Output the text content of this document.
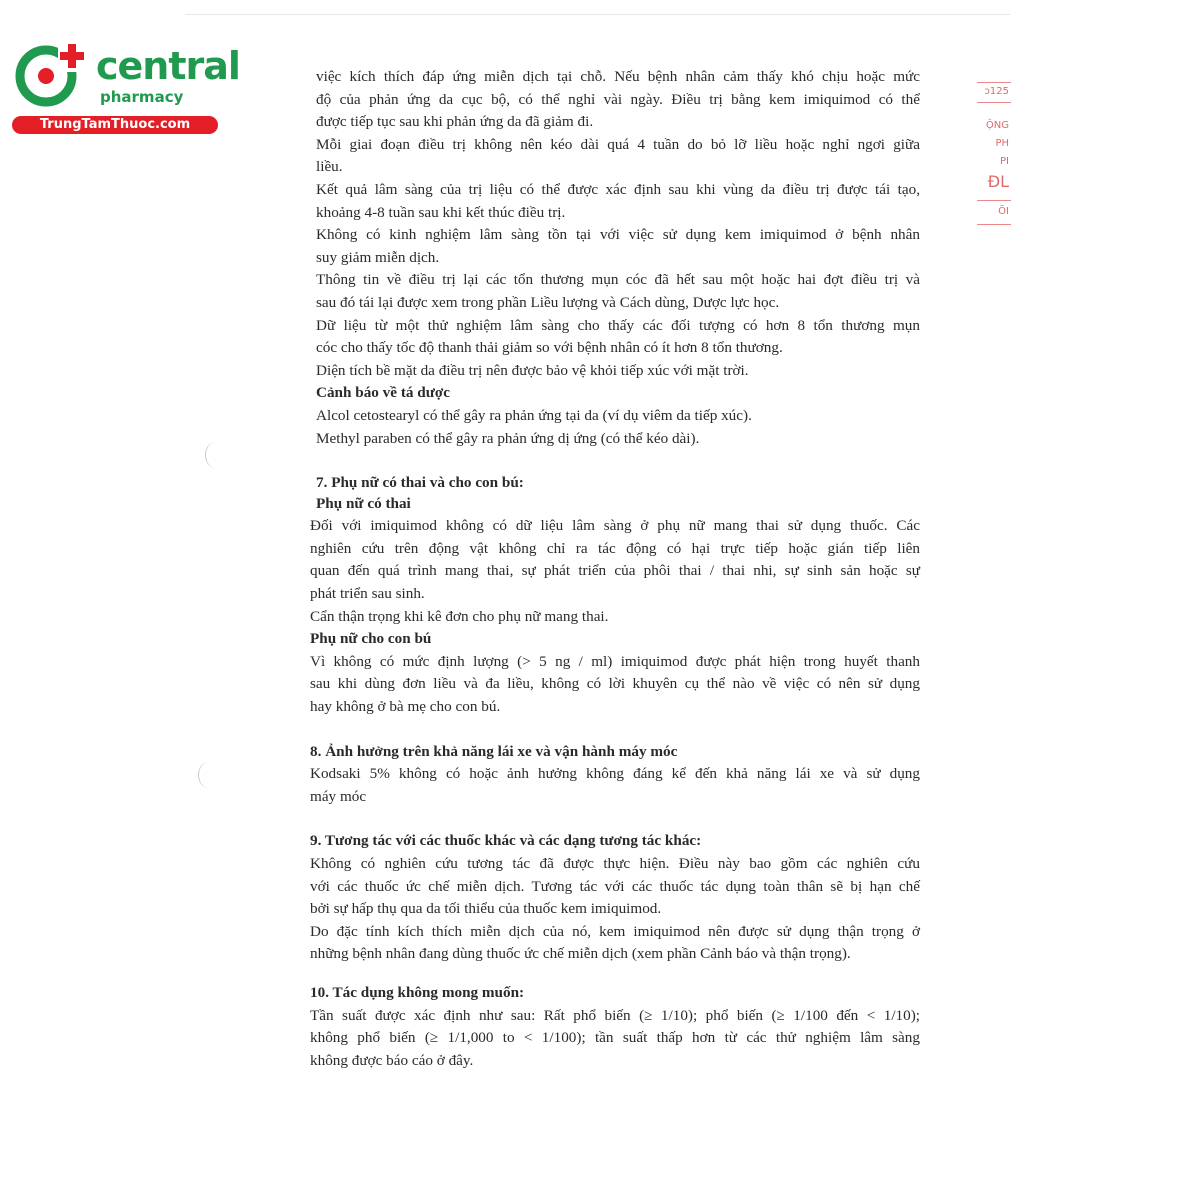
central
pharmacy
TrungTamThuoc.com
ɔ125
ỘNG
PH
PI
ĐL
ÕI

việc kích thích đáp ứng miễn dịch tại chỗ. Nếu bệnh nhân cảm thấy khó chịu hoặc mức

độ của phản ứng da cục bộ, có thể nghỉ vài ngày. Điều trị bằng kem imiquimod có thể

được tiếp tục sau khi phản ứng da đã giảm đi.

Mỗi giai đoạn điều trị không nên kéo dài quá 4 tuần do bỏ lỡ liều hoặc nghỉ ngơi giữa

liều.

Kết quả lâm sàng của trị liệu có thể được xác định sau khi vùng da điều trị được tái tạo,

khoảng 4-8 tuần sau khi kết thúc điều trị.

Không có kinh nghiệm lâm sàng tồn tại với việc sử dụng kem imiquimod ở bệnh nhân

suy giảm miễn dịch.

Thông tin về điều trị lại các tổn thương mụn cóc đã hết sau một hoặc hai đợt điều trị và

sau đó tái lại được xem trong phần Liều lượng và Cách dùng, Dược lực học.

Dữ liệu từ một thử nghiệm lâm sàng cho thấy các đối tượng có hơn 8 tổn thương mụn

cóc cho thấy tốc độ thanh thải giảm so với bệnh nhân có ít hơn 8 tổn thương.

Diện tích bề mặt da điều trị nên được bảo vệ khỏi tiếp xúc với mặt trời.

Cảnh báo về tá dược

Alcol cetostearyl có thể gây ra phản ứng tại da (ví dụ viêm da tiếp xúc).

Methyl paraben có thể gây ra phản ứng dị ứng (có thể kéo dài).

7. Phụ nữ có thai và cho con bú:

Phụ nữ có thai

Đối với imiquimod không có dữ liệu lâm sàng ở phụ nữ mang thai sử dụng thuốc. Các

nghiên cứu trên động vật không chỉ ra tác động có hại trực tiếp hoặc gián tiếp liên

quan đến quá trình mang thai, sự phát triển của phôi thai / thai nhi, sự sinh sản hoặc sự

phát triển sau sinh.

Cẩn thận trọng khi kê đơn cho phụ nữ mang thai.

Phụ nữ cho con bú

Vì không có mức định lượng (> 5 ng / ml) imiquimod được phát hiện trong huyết thanh

sau khi dùng đơn liều và đa liều, không có lời khuyên cụ thể nào về việc có nên sử dụng

hay không ở bà mẹ cho con bú.

8. Ảnh hưởng trên khả năng lái xe và vận hành máy móc

Kodsaki 5% không có hoặc ảnh hưởng không đáng kể đến khả năng lái xe và sử dụng

máy móc

9. Tương tác với các thuốc khác và các dạng tương tác khác:

Không có nghiên cứu tương tác đã được thực hiện. Điều này bao gồm các nghiên cứu

với các thuốc ức chế miễn dịch. Tương tác với các thuốc tác dụng toàn thân sẽ bị hạn chế

bởi sự hấp thụ qua da tối thiểu của thuốc kem imiquimod.

Do đặc tính kích thích miễn dịch của nó, kem imiquimod nên được sử dụng thận trọng ở

những bệnh nhân đang dùng thuốc ức chế miễn dịch (xem phần Cảnh báo và thận trọng).

10. Tác dụng không mong muốn:

Tần suất được xác định như sau: Rất phổ biến (≥ 1/10); phổ biến (≥ 1/100 đến < 1/10);

không phổ biến (≥ 1/1,000 to < 1/100); tần suất thấp hơn từ các thử nghiệm lâm sàng

không được báo cáo ở đây.
